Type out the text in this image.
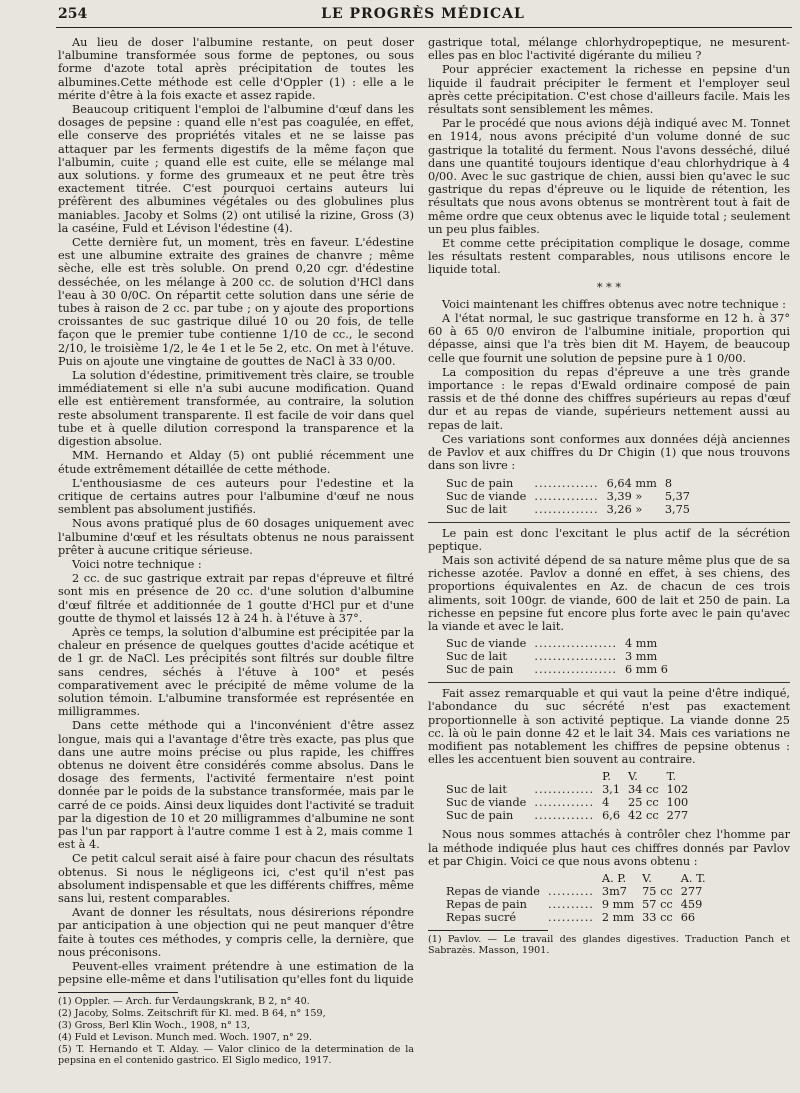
254	LE PROGRÈS MÉDICAL

Au lieu de doser l'albumine restante, on peut doser l'albumine transformée sous forme de peptones, ou sous forme d'azote total après précipitation de toutes les albumines.Cette méthode est celle d'Oppler (1) : elle a le mérite d'être à la fois exacte et assez rapide.

Beaucoup critiquent l'emploi de l'albumine d'œuf dans les dosages de pepsine : quand elle n'est pas coagulée, en effet, elle conserve des propriétés vitales et ne se laisse pas attaquer par les ferments digestifs de la même façon que l'albumin, cuite ; quand elle est cuite, elle se mélange mal aux solutions. y forme des grumeaux et ne peut être très exactement titrée. C'est pourquoi certains auteurs lui préfèrent des albumines végétales ou des globulines plus maniables. Jacoby et Solms (2) ont utilisé la rizine, Gross (3) la caséine, Fuld et Lévison l'édestine (4).

Cette dernière fut, un moment, très en faveur. L'édestine est une albumine extraite des graines de chanvre ; même sèche, elle est très soluble. On prend 0,20 cgr. d'édestine desséchée, on les mélange à 200 cc. de solution d'HCl dans l'eau à 30 0/0C. On répartit cette solution dans une série de tubes à raison de 2 cc. par tube ; on y ajoute des proportions croissantes de suc gastrique dilué 10 ou 20 fois, de telle façon que le premier tube contienne 1/10 de cc., le second 2/10, le troisième 1/2, le 4e 1 et le 5e 2, etc. On met à l'étuve. Puis on ajoute une vingtaine de gouttes de NaCl à 33 0/00.

La solution d'édestine, primitivement très claire, se trouble immédiatement si elle n'a subi aucune modification. Quand elle est entièrement transformée, au contraire, la solution reste absolument transparente. Il est facile de voir dans quel tube et à quelle dilution correspond la transparence et la digestion absolue.

MM. Hernando et Alday (5) ont publié récemment une étude extrêmement détaillée de cette méthode.

L'enthousiasme de ces auteurs pour l'edestine et la critique de certains autres pour l'albumine d'œuf ne nous semblent pas absolument justifiés.

Nous avons pratiqué plus de 60 dosages uniquement avec l'albumine d'œuf et les résultats obtenus ne nous paraissent prêter à aucune critique sérieuse.

Voici notre technique :

2 cc. de suc gastrique extrait par repas d'épreuve et filtré sont mis en présence de 20 cc. d'une solution d'albumine d'œuf filtrée et additionnée de 1 goutte d'HCl pur et d'une goutte de thymol et laissés 12 à 24 h. à l'étuve à 37°.

Après ce temps, la solution d'albumine est précipitée par la chaleur en présence de quelques gouttes d'acide acétique et de 1 gr. de NaCl. Les précipités sont filtrés sur double filtre sans cendres, séchés à l'étuve à 100° et pesés comparativement avec le précipité de même volume de la solution témoin. L'albumine transformée est représentée en milligrammes.

Dans cette méthode qui a l'inconvénient d'être assez longue, mais qui a l'avantage d'être très exacte, pas plus que dans une autre moins précise ou plus rapide, les chiffres obtenus ne doivent être considérés comme absolus. Dans le dosage des ferments, l'activité fermentaire n'est point donnée par le poids de la substance transformée, mais par le carré de ce poids. Ainsi deux liquides dont l'activité se traduit par la digestion de 10 et 20 milligrammes d'albumine ne sont pas l'un par rapport à l'autre comme 1 est à 2, mais comme 1 est à 4.

Ce petit calcul serait aisé à faire pour chacun des résultats obtenus. Si nous le négligeons ici, c'est qu'il n'est pas absolument indispensable et que les différents chiffres, même sans lui, restent comparables.

Avant de donner les résultats, nous désirerions répondre par anticipation à une objection qui ne peut manquer d'être faite à toutes ces méthodes, y compris celle, la dernière, que nous préconisons.

Peuvent-elles vraiment prétendre à une estimation de la pepsine elle-même et dans l'utilisation qu'elles font du liquide

(1) Oppler. — Arch. fur Verdaungskrank, B 2, n° 40.

(2) Jacoby, Solms. Zeitschrift für Kl. med. B 64, n° 159,

(3) Gross, Berl Klin Woch., 1908, n° 13,

(4) Fuld et Levison. Munch med. Woch. 1907, n° 29.

(5) T. Hernando et T. Alday. — Valor clinico de la determination de la pepsina en el contenido gastrico. El Siglo medico, 1917.

gastrique total, mélange chlorhydropeptique, ne mesurent-elles pas en bloc l'activité digérante du milieu ?

Pour apprécier exactement la richesse en pepsine d'un liquide il faudrait précipiter le ferment et l'employer seul après cette précipitation. C'est chose d'ailleurs facile. Mais les résultats sont sensiblement les mêmes.

Par le procédé que nous avions déjà indiqué avec M. Tonnet en 1914, nous avons précipité d'un volume donné de suc gastrique la totalité du ferment. Nous l'avons desséché, dilué dans une quantité toujours identique d'eau chlorhydrique à 4 0/00. Avec le suc gastrique de chien, aussi bien qu'avec le suc gastrique du repas d'épreuve ou le liquide de rétention, les résultats que nous avons obtenus se montrèrent tout à fait de même ordre que ceux obtenus avec le liquide total ; seulement un peu plus faibles.

Et comme cette précipitation complique le dosage, comme les résultats restent comparables, nous utilisons encore le liquide total.

* * *

Voici maintenant les chiffres obtenus avec notre technique :

A l'état normal, le suc gastrique transforme en 12 h. à 37° 60 à 65 0/0 environ de l'albumine initiale, proportion qui dépasse, ainsi que l'a très bien dit M. Hayem, de beaucoup celle que fournit une solution de pepsine pure à 1 0/00.

La composition du repas d'épreuve a une très grande importance : le repas d'Ewald ordinaire composé de pain rassis et de thé donne des chiffres supérieurs au repas d'œuf dur et au repas de viande, supérieurs nettement aussi au repas de lait.

Ces variations sont conformes aux données déjà anciennes de Pavlov et aux chiffres du Dr Chigin (1) que nous trouvons dans son livre :

Suc de pain	..............	6,64 mm	8
Suc de viande	..............	3,39 »	5,37
Suc de lait	..............	3,26 »	3,75

Le pain est donc l'excitant le plus actif de la sécrétion peptique.

Mais son activité dépend de sa nature même plus que de sa richesse azotée. Pavlov a donné en effet, à ses chiens, des proportions équivalentes en Az. de chacun de ces trois aliments, soit 100gr. de viande, 600 de lait et 250 de pain. La richesse en pepsine fut encore plus forte avec le pain qu'avec la viande et avec le lait.

Suc de viande	..................	4 mm
Suc de lait	..................	3 mm
Suc de pain	..................	6 mm 6

Fait assez remarquable et qui vaut la peine d'être indiqué, l'abondance du suc sécrété n'est pas exactement proportionnelle à son activité peptique. La viande donne 25 cc. là où le pain donne 42 et le lait 34. Mais ces variations ne modifient pas notablement les chiffres de pepsine obtenus : elles les accentuent bien souvent au contraire.

		P.	V.	T.
Suc de lait	.............	3,1	34 cc	102
Suc de viande	.............	4	25 cc	100
Suc de pain	.............	6,6	42 cc	277

Nous nous sommes attachés à contrôler chez l'homme par la méthode indiquée plus haut ces chiffres donnés par Pavlov et par Chigin. Voici ce que nous avons obtenu :

		A. P.	V.	A. T.
Repas de viande	..........	3m7	75 cc	277
Repas de pain	..........	9 mm	57 cc	459
Repas sucré	..........	2 mm	33 cc	66

(1) Pavlov. — Le travail des glandes digestives. Traduction Panch et Sabrazès. Masson, 1901.
